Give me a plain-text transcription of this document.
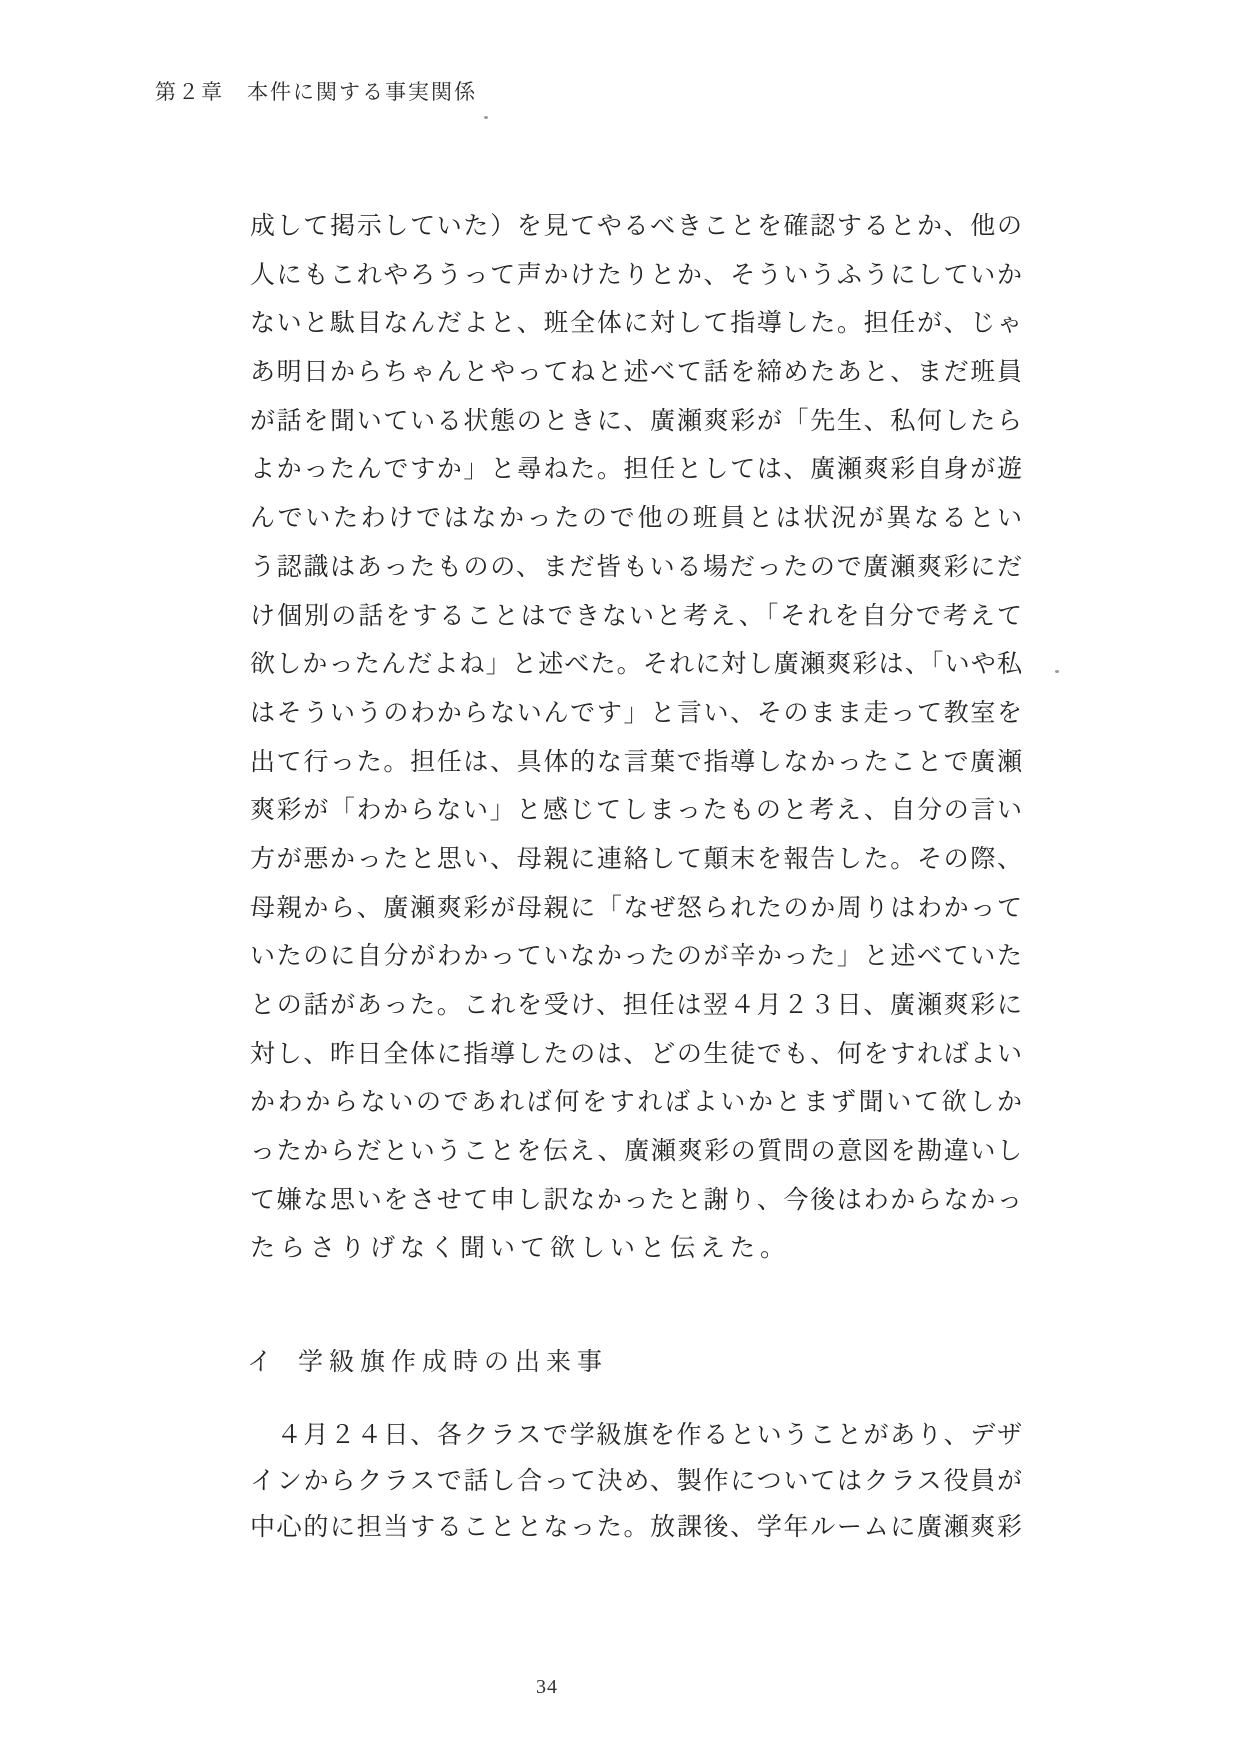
第２章　本件に関する事実関係
成して掲示していた）を見てやるべきことを確認するとか、他の
人にもこれやろうって声かけたりとか、そういうふうにしていか
ないと駄目なんだよと、班全体に対して指導した。担任が、じゃ
あ明日からちゃんとやってねと述べて話を締めたあと、まだ班員
が話を聞いている状態のときに、廣瀬爽彩が「先生、私何したら
よかったんですか」と尋ねた。担任としては、廣瀬爽彩自身が遊
んでいたわけではなかったので他の班員とは状況が異なるとい
う認識はあったものの、まだ皆もいる場だったので廣瀬爽彩にだ
け個別の話をすることはできないと考え、「それを自分で考えて
欲しかったんだよね」と述べた。それに対し廣瀬爽彩は、「いや私
はそういうのわからないんです」と言い、そのまま走って教室を
出て行った。担任は、具体的な言葉で指導しなかったことで廣瀬
爽彩が「わからない」と感じてしまったものと考え、自分の言い
方が悪かったと思い、母親に連絡して顛末を報告した。その際、
母親から、廣瀬爽彩が母親に「なぜ怒られたのか周りはわかって
いたのに自分がわかっていなかったのが辛かった」と述べていた
との話があった。これを受け、担任は翌４月２３日、廣瀬爽彩に
対し、昨日全体に指導したのは、どの生徒でも、何をすればよい
かわからないのであれば何をすればよいかとまず聞いて欲しか
ったからだということを伝え、廣瀬爽彩の質問の意図を勘違いし
て嫌な思いをさせて申し訳なかったと謝り、今後はわからなかっ
たらさりげなく聞いて欲しいと伝えた。
イ 学級旗作成時の出来事
　４月２４日、各クラスで学級旗を作るということがあり、デザ
インからクラスで話し合って決め、製作についてはクラス役員が
中心的に担当することとなった。放課後、学年ルームに廣瀬爽彩
34
